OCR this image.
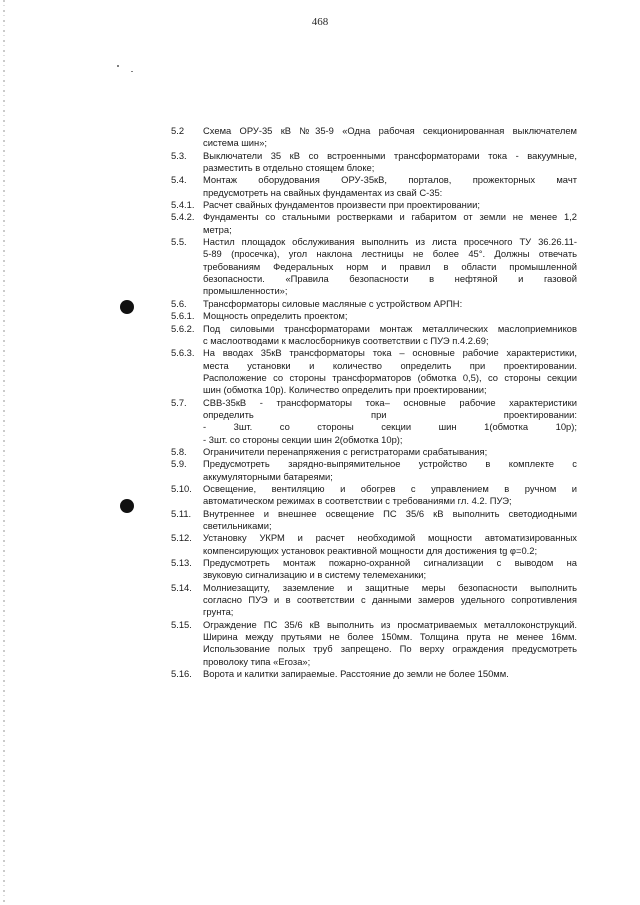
468
5.2	Схема ОРУ-35 кВ №35-9 «Одна рабочая секционированная выключателем
система шин»;
5.3.	Выключатели 35 кВ со встроенными трансформаторами тока - вакуумные,
разместить в отдельно стоящем блоке;
5.4.	Монтаж оборудования ОРУ-35кВ, порталов, прожекторных мачт
предусмотреть на свайных фундаментах из свай С-35:
5.4.1. Расчет свайных фундаментов произвести при проектировании;
5.4.2. Фундаменты со стальными ростверками и габаритом от земли не менее 1,2
метра;
5.5.	Настил площадок обслуживания выполнить из листа просечного ТУ 36.26.11-
5-89 (просечка), угол наклона лестницы не более 45°. Должны отвечать
требованиям Федеральных норм и правил в области промышленной
безопасности. «Правила безопасности в нефтяной и газовой
промышленности»;
5.6.	Трансформаторы силовые масляные с устройством АРПН:
5.6.1. Мощность определить проектом;
5.6.2. Под силовыми трансформаторами монтаж металлических маслоприемников
с маслоотводами к маслосборникув соответствии с ПУЭ п.4.2.69;
5.6.3. На вводах 35кВ трансформаторы тока – основные рабочие характеристики,
места установки и количество определить при проектировании.
Расположение со стороны трансформаторов (обмотка 0,5), со стороны секции
шин (обмотка 10р). Количество определить при проектировании;
5.7.	СВВ-35кВ - трансформаторы тока– основные рабочие характеристики
определить при проектировании:
- 3шт. со стороны секции шин 1(обмотка 10р);
- 3шт. со стороны секции шин 2(обмотка 10р);
5.8.	Ограничители перенапряжения с регистраторами срабатывания;
5.9.	Предусмотреть зарядно-выпрямительное устройство в комплекте с
аккумуляторными батареями;
5.10.	Освещение, вентиляцию и обогрев с управлением в ручном и
автоматическом режимах в соответствии с требованиями гл. 4.2. ПУЭ;
5.11.	Внутреннее и внешнее освещение ПС 35/6 кВ выполнить светодиодными
светильниками;
5.12.	Установку УКРМ и расчет необходимой мощности автоматизированных
компенсирующих установок реактивной мощности для достижения tg φ=0.2;
5.13.	Предусмотреть монтаж пожарно-охранной сигнализации с выводом на
звуковую сигнализацию и в систему телемеханики;
5.14.	Молниезащиту, заземление и защитные меры безопасности выполнить
согласно ПУЭ и в соответствии с данными замеров удельного сопротивления
грунта;
5.15.	Ограждение ПС 35/6 кВ выполнить из просматриваемых металлоконструкций.
Ширина между прутьями не более 150мм. Толщина прута не менее 16мм.
Использование полых труб запрещено. По верху ограждения предусмотреть
проволоку типа «Егоза»;
5.16.	Ворота и калитки запираемые. Расстояние до земли не более 150мм.
